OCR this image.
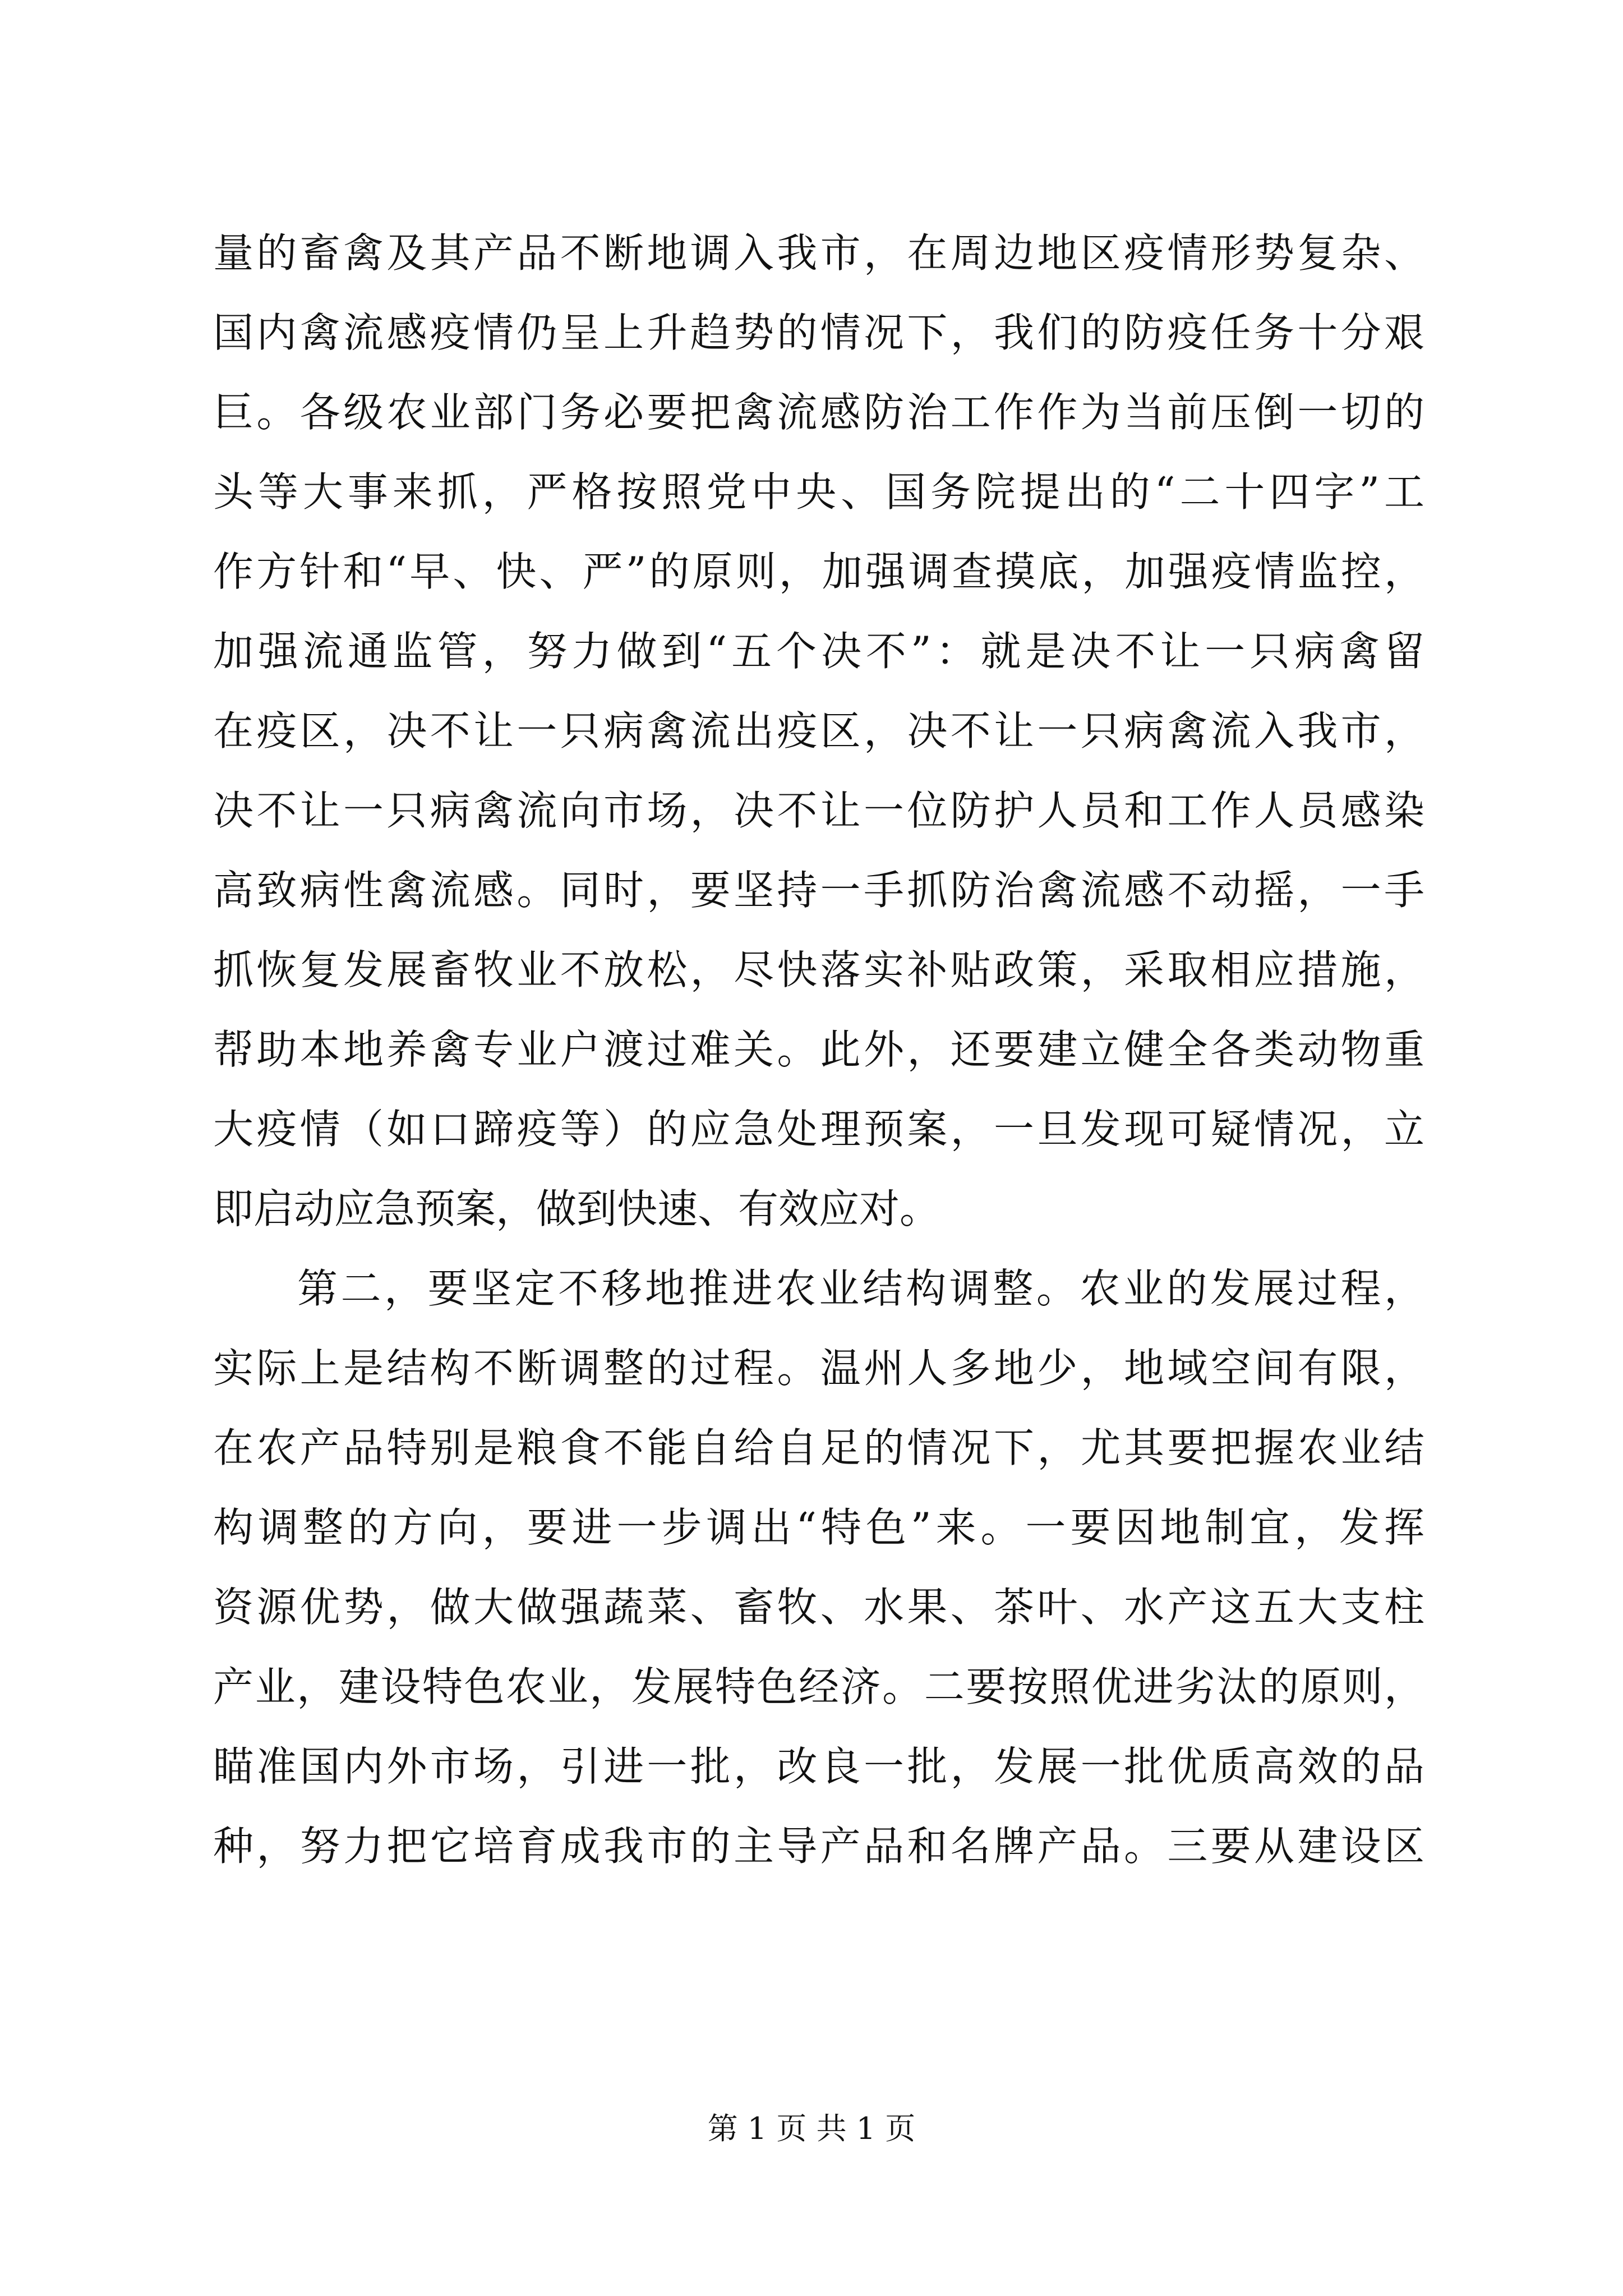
量的畜禽及其产品不断地调入我市，在周边地区疫情形势复杂、
国内禽流感疫情仍呈上升趋势的情况下，我们的防疫任务十分艰
巨。各级农业部门务必要把禽流感防治工作作为当前压倒一切的
头等大事来抓，严格按照党中央、国务院提出的“二十四字”工
作方针和“早、快、严”的原则，加强调查摸底，加强疫情监控，
加强流通监管，努力做到“五个决不”：就是决不让一只病禽留
在疫区，决不让一只病禽流出疫区，决不让一只病禽流入我市，
决不让一只病禽流向市场，决不让一位防护人员和工作人员感染
高致病性禽流感。同时，要坚持一手抓防治禽流感不动摇，一手
抓恢复发展畜牧业不放松，尽快落实补贴政策，采取相应措施，
帮助本地养禽专业户渡过难关。此外，还要建立健全各类动物重
大疫情（如口蹄疫等）的应急处理预案，一旦发现可疑情况，立
即启动应急预案，做到快速、有效应对。
第二，要坚定不移地推进农业结构调整。农业的发展过程，
实际上是结构不断调整的过程。温州人多地少，地域空间有限，
在农产品特别是粮食不能自给自足的情况下，尤其要把握农业结
构调整的方向，要进一步调出“特色”来。一要因地制宜，发挥
资源优势，做大做强蔬菜、畜牧、水果、茶叶、水产这五大支柱
产业，建设特色农业，发展特色经济。二要按照优进劣汰的原则，
瞄准国内外市场，引进一批，改良一批，发展一批优质高效的品
种，努力把它培育成我市的主导产品和名牌产品。三要从建设区
第 1 页 共 1 页
